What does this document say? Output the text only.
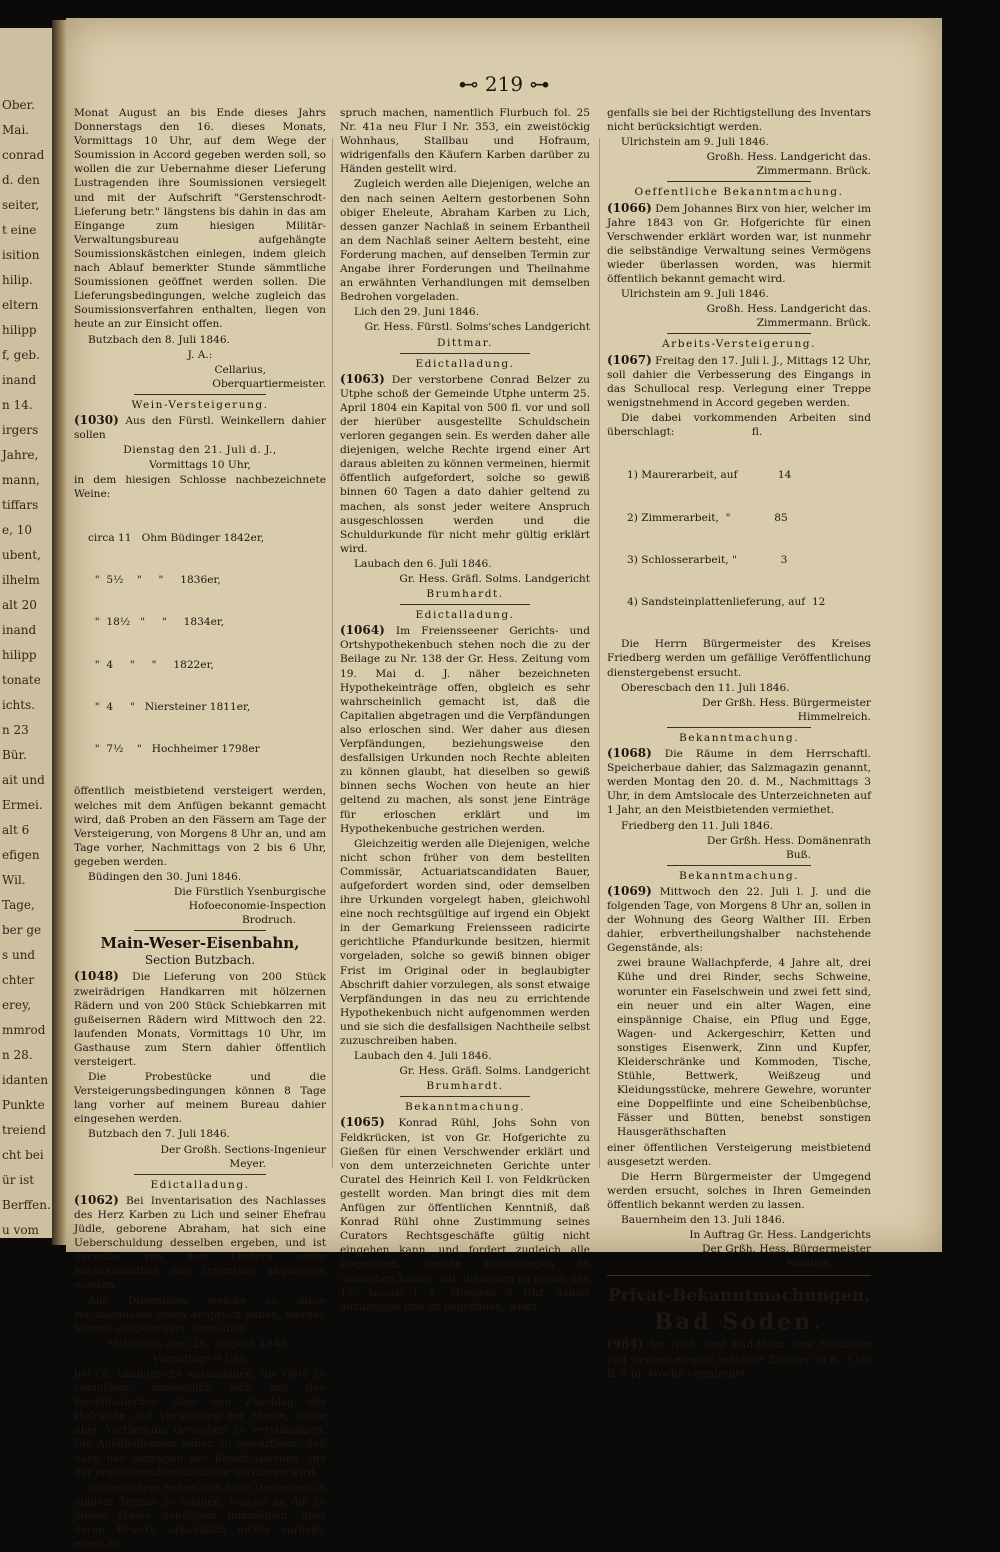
Ober.
Mai.
conrad
d. den
seiter,
t eine
isition
hilip.
eltern
hilipp
f, geb.
inand
n 14.
irgers
Jahre,
mann,
tiffars
e, 10
ubent,
ilhelm
alt 20
inand
hilipp
tonate
ichts.
n 23
Bür.
ait und
Ermei.
alt 6
efigen
Wil.
Tage,
ber ge
s und
chter
erey,
mmrod
n 28.
idanten
Punkte
treiend
cht bei
ür ist
Berffen.
u vom
⊷ 219 ⊶

Monat August an bis Ende dieses Jahrs Donnerstags den 16. dieses Monats, Vormittags 10 Uhr, auf dem Wege der Soumission in Accord gegeben werden soll, so wollen die zur Uebernahme dieser Lieferung Lustragenden ihre Soumissionen versiegelt und mit der Aufschrift "Gerstenschrodt-Lieferung betr." längstens bis dahin in das am Eingange zum hiesigen Militär-Verwaltungsbureau aufgehängte Soumissionskästchen einlegen, indem gleich nach Ablauf bemerkter Stunde sämmtliche Soumissionen geöffnet werden sollen. Die Lieferungsbedingungen, welche zugleich das Soumissionsverfahren enthalten, liegen von heute an zur Einsicht offen.

Butzbach den 8. Juli 1846.

J. A.:

Cellarius,

Oberquartiermeister.

Wein-Versteigerung.

(1030) Aus den Fürstl. Weinkellern dahier sollen

Dienstag den 21. Juli d. J.,

Vormittags 10 Uhr,

in dem hiesigen Schlosse nachbezeichnete Weine:

circa 11   Ohm Büdinger 1842er,

"  5½    "     "     1836er,

"  18½   "     "     1834er,

"  4     "     "     1822er,

"  4     "   Niersteiner 1811er,

"  7½    "   Hochheimer 1798er

öffentlich meistbietend versteigert werden, welches mit dem Anfügen bekannt gemacht wird, daß Proben an den Fässern am Tage der Versteigerung, von Morgens 8 Uhr an, und am Tage vorher, Nachmittags von 2 bis 6 Uhr, gegeben werden.

Büdingen den 30. Juni 1846.

Die Fürstlich Ysenburgische

Hofoeconomie-Inspection

Brodruch.

Main-Weser-Eisenbahn,

Section Butzbach.

(1048) Die Lieferung von 200 Stück zweirädrigen Handkarren mit hölzernen Rädern und von 200 Stück Schiebkarren mit gußeisernen Rädern wird Mittwoch den 22. laufenden Monats, Vormittags 10 Uhr, im Gasthause zum Stern dahier öffentlich versteigert.

Die Probestücke und die Versteigerungsbedingungen können 8 Tage lang vorher auf meinem Bureau dahier eingesehen werden.

Butzbach den 7. Juli 1846.

Der Großh. Sections-Ingenieur

Meyer.

Edictalladung.

(1062) Bei Inventarisation des Nachlasses des Herz Karben zu Lich und seiner Ehefrau Jüdle, geborene Abraham, hat sich eine Ueberschuldung desselben ergeben, und ist derselbe von den Kindern unter Rechtswohlthat des Inventars angetreten worden.

Alle Diejenigen, welche an diese Nachlaßmasse einen Anspruch haben, werden hiermit aufgefordert, denselben

Mittwoch den 26. August 1846,

Vormittags 9 Uhr,

bei Gr. Landgericht anzumelden, die Güte zu versuchen, namentlich sich mit den Beneficialerben über den Zuschlag der Hofraithe und Verwaltung der Masse, sowie über Vertheilung derselben zu verständigen. Die Ausbleibenden haben zu gewärtigen, daß nach den Anträgen der Beneficialerben und der erscheinenden Gläubiger verfahren wird.

Insbesondere haben sich auch Diejenigen in obigem Termin zu melden, welche an die zu dieser Masse gehörigen Immobilien, über deren Erwerb urkundlich nichts vorliegt, einen An-

spruch machen, namentlich Flurbuch fol. 25 Nr. 41a neu Flur I Nr. 353, ein zweistöckig Wohnhaus, Stallbau und Hofraum, widrigenfalls den Käufern Karben darüber zu Händen gestellt wird.

Zugleich werden alle Diejenigen, welche an den nach seinen Aeltern gestorbenen Sohn obiger Eheleute, Abraham Karben zu Lich, dessen ganzer Nachlaß in seinem Erbantheil an dem Nachlaß seiner Aeltern besteht, eine Forderung machen, auf denselben Termin zur Angabe ihrer Forderungen und Theilnahme an erwähnten Verhandlungen mit demselben Bedrohen vorgeladen.

Lich den 29. Juni 1846.

Gr. Hess. Fürstl. Solms'sches Landgericht

Dittmar.

Edictalladung.

(1063) Der verstorbene Conrad Belzer zu Utphe schoß der Gemeinde Utphe unterm 25. April 1804 ein Kapital von 500 fl. vor und soll der hierüber ausgestellte Schuldschein verloren gegangen sein. Es werden daher alle diejenigen, welche Rechte irgend einer Art daraus ableiten zu können vermeinen, hiermit öffentlich aufgefordert, solche so gewiß binnen 60 Tagen a dato dahier geltend zu machen, als sonst jeder weitere Anspruch ausgeschlossen werden und die Schuldurkunde für nicht mehr gültig erklärt wird.

Laubach den 6. Juli 1846.

Gr. Hess. Gräfl. Solms. Landgericht

Brumhardt.

Edictalladung.

(1064) Im Freiensseener Gerichts- und Ortshypothekenbuch stehen noch die zu der Beilage zu Nr. 138 der Gr. Hess. Zeitung vom 19. Mai d. J. näher bezeichneten Hypothekeinträge offen, obgleich es sehr wahrscheinlich gemacht ist, daß die Capitalien abgetragen und die Verpfändungen also erloschen sind. Wer daher aus diesen Verpfändungen, beziehungsweise den desfallsigen Urkunden noch Rechte ableiten zu können glaubt, hat dieselben so gewiß binnen sechs Wochen von heute an hier geltend zu machen, als sonst jene Einträge für erloschen erklärt und im Hypothekenbuche gestrichen werden.

Gleichzeitig werden alle Diejenigen, welche nicht schon früher von dem bestellten Commissär, Actuariatscandidaten Bauer, aufgefordert worden sind, oder demselben ihre Urkunden vorgelegt haben, gleichwohl eine noch rechtsgültige auf irgend ein Objekt in der Gemarkung Freiensseen radicirte gerichtliche Pfandurkunde besitzen, hiermit vorgeladen, solche so gewiß binnen obiger Frist im Original oder in beglaubigter Abschrift dahier vorzulegen, als sonst etwaige Verpfändungen in das neu zu errichtende Hypothekenbuch nicht aufgenommen werden und sie sich die desfallsigen Nachtheile selbst zuzuschreiben haben.

Laubach den 4. Juli 1846.

Gr. Hess. Gräfl. Solms. Landgericht

Brumhardt.

Bekanntmachung.

(1065) Konrad Rühl, Johs Sohn von Feldkrücken, ist von Gr. Hofgerichte zu Gießen für einen Verschwender erklärt und von dem unterzeichneten Gerichte unter Curatel des Heinrich Keil I. von Feldkrücken gestellt worden. Man bringt dies mit dem Anfügen zur öffentlichen Kenntniß, daß Konrad Rühl ohne Zustimmung seines Curators Rechtsgeschäfte gültig nicht eingehen kann, und fordert zugleich alle Diejenigen, welche Forderungen an denselben haben, auf, dieselben so gewiß den 13. August l. J., Morgens 8 Uhr, dahier anzuzeigen und zu begründen, widri-

genfalls sie bei der Richtigstellung des Inventars nicht berücksichtigt werden.

Ulrichstein am 9. Juli 1846.

Großh. Hess. Landgericht das.

Zimmermann. Brück.

Oeffentliche Bekanntmachung.

(1066) Dem Johannes Birx von hier, welcher im Jahre 1843 von Gr. Hofgerichte für einen Verschwender erklärt worden war, ist nunmehr die selbständige Verwaltung seines Vermögens wieder überlassen worden, was hiermit öffentlich bekannt gemacht wird.

Ulrichstein am 9. Juli 1846.

Großh. Hess. Landgericht das.

Zimmermann. Brück.

Arbeits-Versteigerung.

(1067) Freitag den 17. Juli l. J., Mittags 12 Uhr, soll dahier die Verbesserung des Eingangs in das Schullocal resp. Verlegung einer Treppe wenigstnehmend in Accord gegeben werden.

Die dabei vorkommenden Arbeiten sind überschlagt:                       fl.

1) Maurerarbeit, auf            14

2) Zimmerarbeit,  "             85

3) Schlosserarbeit, "             3

4) Sandsteinplattenlieferung, auf  12

Die Herrn Bürgermeister des Kreises Friedberg werden um gefällige Veröffentlichung dienstergebenst ersucht.

Oberescbach den 11. Juli 1846.

Der Grßh. Hess. Bürgermeister

Himmelreich.

Bekanntmachung.

(1068) Die Räume in dem Herrschaftl. Speicherbaue dahier, das Salzmagazin genannt, werden Montag den 20. d. M., Nachmittags 3 Uhr, in dem Amtslocale des Unterzeichneten auf 1 Jahr, an den Meistbietenden vermiethet.

Friedberg den 11. Juli 1846.

Der Grßh. Hess. Domänenrath

Buß.

Bekanntmachung.

(1069) Mittwoch den 22. Juli l. J. und die folgenden Tage, von Morgens 8 Uhr an, sollen in der Wohnung des Georg Walther III. Erben dahier, erbvertheilungshalber nachstehende Gegenstände, als:

zwei braune Wallachpferde, 4 Jahre alt, drei Kühe und drei Rinder, sechs Schweine, worunter ein Faselschwein und zwei fett sind, ein neuer und ein alter Wagen, eine einspännige Chaise, ein Pflug und Egge, Wagen- und Ackergeschirr, Ketten und sonstiges Eisenwerk, Zinn und Kupfer, Kleiderschränke und Kommoden, Tische, Stühle, Bettwerk, Weißzeug und Kleidungsstücke, mehrere Gewehre, worunter eine Doppelflinte und eine Scheibenbüchse, Fässer und Bütten, benebst sonstigen Hausgeräthschaften

einer öffentlichen Versteigerung meistbietend ausgesetzt werden.

Die Herrn Bürgermeister der Umgegend werden ersucht, solches in Ihren Gemeinden öffentlich bekannt werden zu lassen.

Bauernheim den 13. Juli 1846.

In Auftrag Gr. Hess. Landgerichts

Der Grßh. Hess. Bürgermeister

Walther.

Privat-Bekanntmachungen.

Bad Soden.

(984) Im Gast- und Bad-Haus zum Nassauer Hof werden elegant möblirte Zimmer zu fl. 3 bis fl. 4 pr. Woche vermiethet.
